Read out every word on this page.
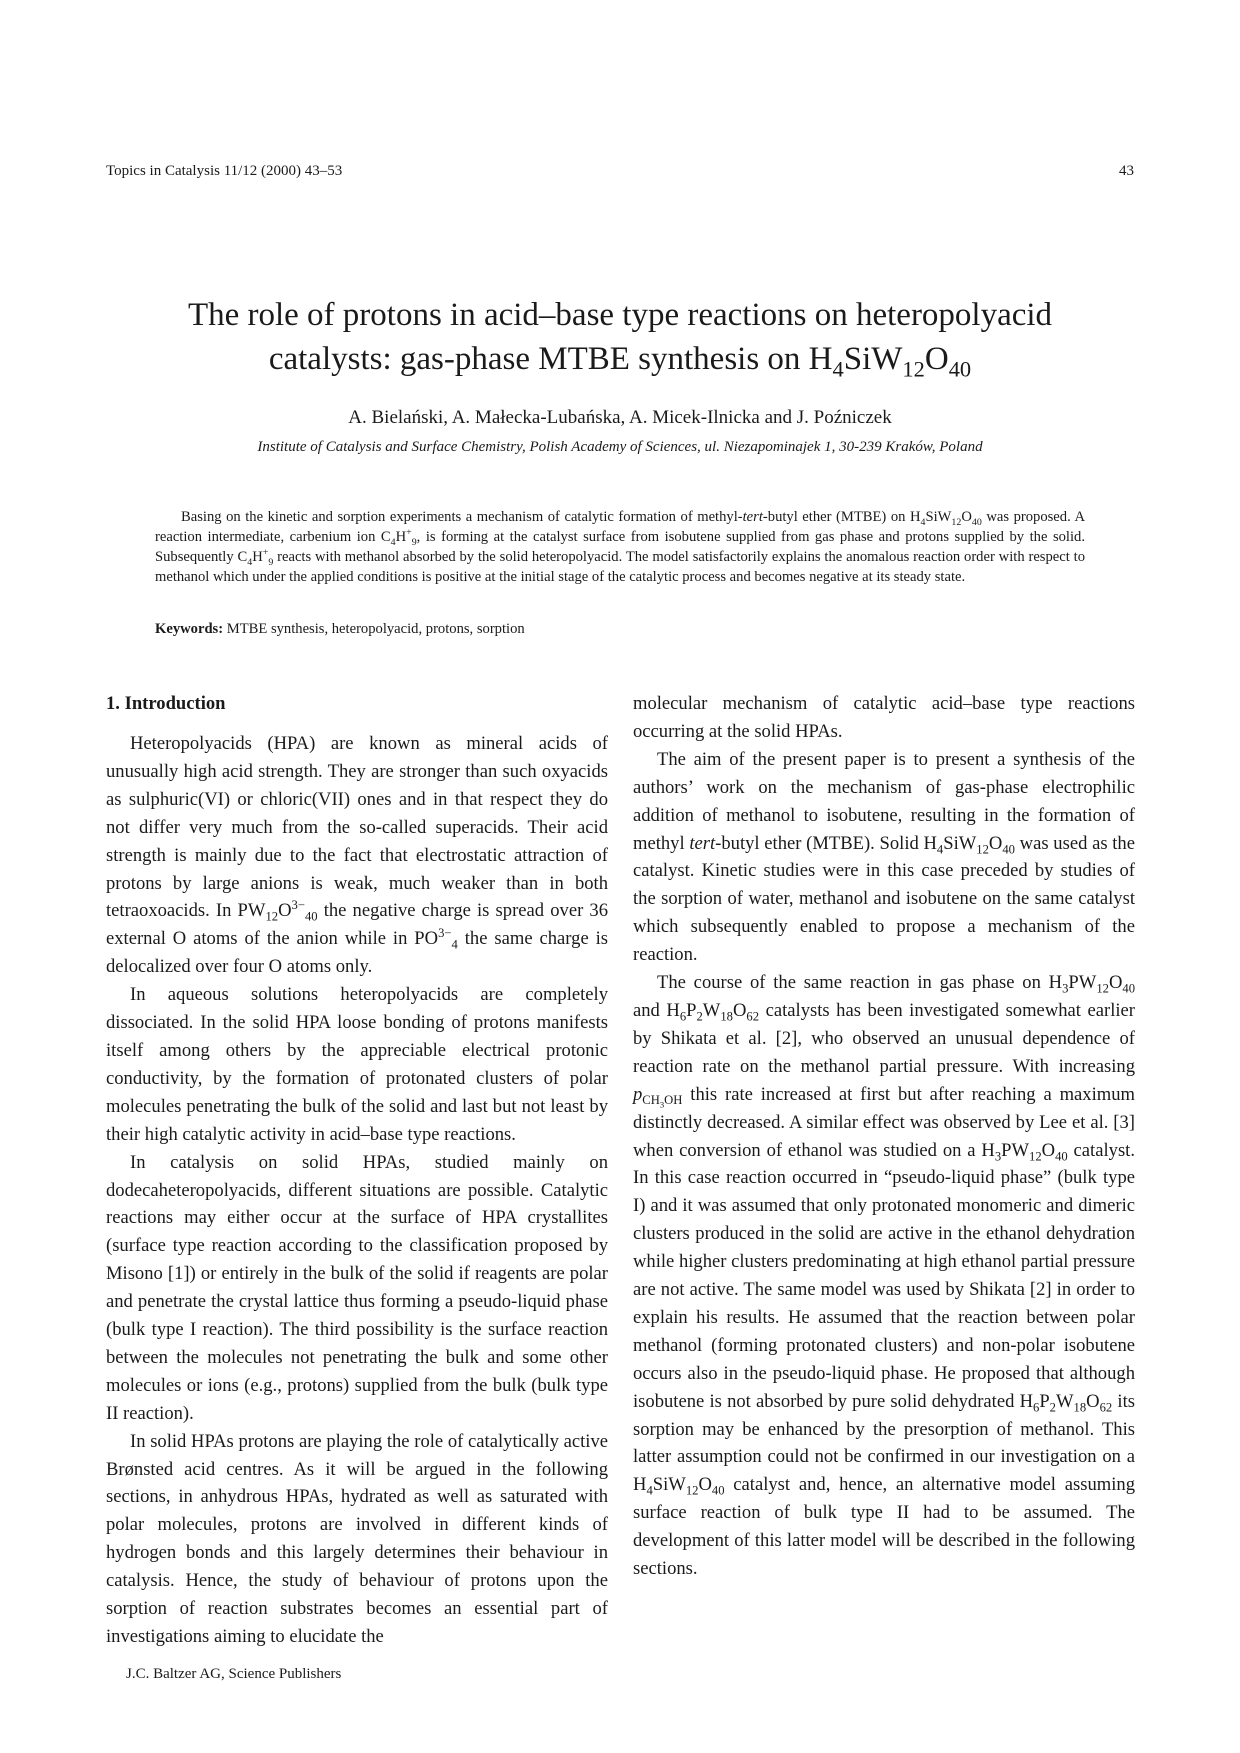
Topics in Catalysis 11/12 (2000) 43–53	43
The role of protons in acid–base type reactions on heteropolyacid
catalysts: gas-phase MTBE synthesis on $H_4SiW_{12}O_{40}$
A. Bielański, A. Małecka-Lubańska, A. Micek-Ilnicka and J. Poźniczek
Institute of Catalysis and Surface Chemistry, Polish Academy of Sciences, ul. Niezapominajek 1, 30-239 Kraków, Poland

Basing on the kinetic and sorption experiments a mechanism of catalytic formation of methyl-tert-butyl ether (MTBE) on $H_4SiW_{12}O_{40}$ was proposed. A reaction intermediate, carbenium ion $C_4H^+_9$, is forming at the catalyst surface from isobutene supplied from gas phase and protons supplied by the solid. Subsequently $C_4H^+_9$ reacts with methanol absorbed by the solid heteropolyacid. The model satisfactorily explains the anomalous reaction order with respect to methanol which under the applied conditions is positive at the initial stage of the catalytic process and becomes negative at its steady state.

Keywords: MTBE synthesis, heteropolyacid, protons, sorption
1. Introduction

Heteropolyacids (HPA) are known as mineral acids of unusually high acid strength. They are stronger than such oxyacids as sulphuric(VI) or chloric(VII) ones and in that respect they do not differ very much from the so-called superacids. Their acid strength is mainly due to the fact that electrostatic attraction of protons by large anions is weak, much weaker than in both tetraoxoacids. In $PW_{12}O^{3-}_{40}$ the negative charge is spread over 36 external O atoms of the anion while in $PO^{3-}_4$ the same charge is delocalized over four O atoms only.

In aqueous solutions heteropolyacids are completely dissociated. In the solid HPA loose bonding of protons manifests itself among others by the appreciable electrical protonic conductivity, by the formation of protonated clusters of polar molecules penetrating the bulk of the solid and last but not least by their high catalytic activity in acid–base type reactions.

In catalysis on solid HPAs, studied mainly on dodecaheteropolyacids, different situations are possible. Catalytic reactions may either occur at the surface of HPA crystallites (surface type reaction according to the classification proposed by Misono [1]) or entirely in the bulk of the solid if reagents are polar and penetrate the crystal lattice thus forming a pseudo-liquid phase (bulk type I reaction). The third possibility is the surface reaction between the molecules not penetrating the bulk and some other molecules or ions (e.g., protons) supplied from the bulk (bulk type II reaction).

In solid HPAs protons are playing the role of catalytically active Brønsted acid centres. As it will be argued in the following sections, in anhydrous HPAs, hydrated as well as saturated with polar molecules, protons are involved in different kinds of hydrogen bonds and this largely determines their behaviour in catalysis. Hence, the study of behaviour of protons upon the sorption of reaction substrates becomes an essential part of investigations aiming to elucidate the

molecular mechanism of catalytic acid–base type reactions occurring at the solid HPAs.

The aim of the present paper is to present a synthesis of the authors’ work on the mechanism of gas-phase electrophilic addition of methanol to isobutene, resulting in the formation of methyl tert-butyl ether (MTBE). Solid $H_4SiW_{12}O_{40}$ was used as the catalyst. Kinetic studies were in this case preceded by studies of the sorption of water, methanol and isobutene on the same catalyst which subsequently enabled to propose a mechanism of the reaction.

The course of the same reaction in gas phase on $H_3PW_{12}O_{40}$ and $H_6P_2W_{18}O_{62}$ catalysts has been investigated somewhat earlier by Shikata et al. [2], who observed an unusual dependence of reaction rate on the methanol partial pressure. With increasing $p_{CH_3OH}$ this rate increased at first but after reaching a maximum distinctly decreased. A similar effect was observed by Lee et al. [3] when conversion of ethanol was studied on a $H_3PW_{12}O_{40}$ catalyst. In this case reaction occurred in “pseudo-liquid phase” (bulk type I) and it was assumed that only protonated monomeric and dimeric clusters produced in the solid are active in the ethanol dehydration while higher clusters predominating at high ethanol partial pressure are not active. The same model was used by Shikata [2] in order to explain his results. He assumed that the reaction between polar methanol (forming protonated clusters) and non-polar isobutene occurs also in the pseudo-liquid phase. He proposed that although isobutene is not absorbed by pure solid dehydrated $H_6P_2W_{18}O_{62}$ its sorption may be enhanced by the presorption of methanol. This latter assumption could not be confirmed in our investigation on a $H_4SiW_{12}O_{40}$ catalyst and, hence, an alternative model assuming surface reaction of bulk type II had to be assumed. The development of this latter model will be described in the following sections.

J.C. Baltzer AG, Science Publishers
